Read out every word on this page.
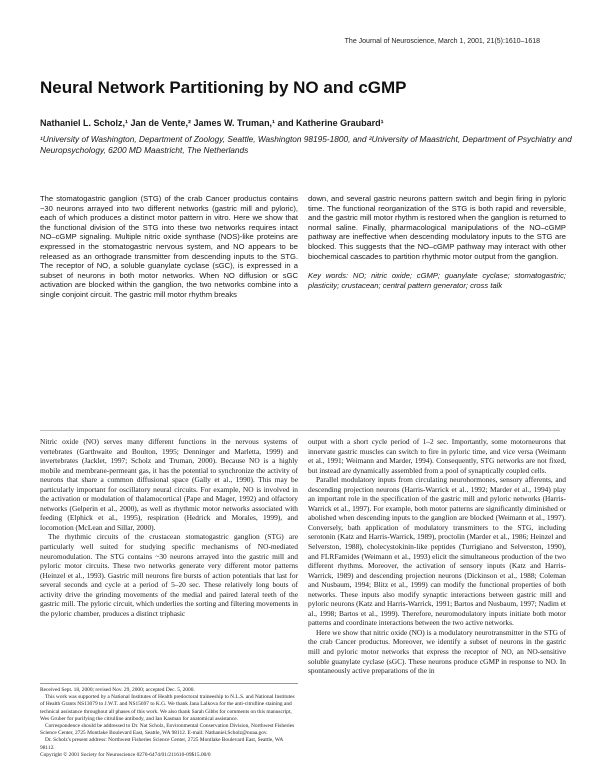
The Journal of Neuroscience, March 1, 2001, 21(5):1610–1618
Neural Network Partitioning by NO and cGMP
Nathaniel L. Scholz,¹ Jan de Vente,² James W. Truman,¹ and Katherine Graubard¹
¹University of Washington, Department of Zoology, Seattle, Washington 98195-1800, and ²University of Maastricht, Department of Psychiatry and Neuropsychology, 6200 MD Maastricht, The Netherlands
The stomatogastric ganglion (STG) of the crab Cancer productus contains ~30 neurons arrayed into two different networks (gastric mill and pyloric), each of which produces a distinct motor pattern in vitro. Here we show that the functional division of the STG into these two networks requires intact NO–cGMP signaling. Multiple nitric oxide synthase (NOS)-like proteins are expressed in the stomatogastric nervous system, and NO appears to be released as an orthograde transmitter from descending inputs to the STG. The receptor of NO, a soluble guanylate cyclase (sGC), is expressed in a subset of neurons in both motor networks. When NO diffusion or sGC activation are blocked within the ganglion, the two networks combine into a single conjoint circuit. The gastric mill motor rhythm breaks
down, and several gastric neurons pattern switch and begin firing in pyloric time. The functional reorganization of the STG is both rapid and reversible, and the gastric mill motor rhythm is restored when the ganglion is returned to normal saline. Finally, pharmacological manipulations of the NO–cGMP pathway are ineffective when descending modulatory inputs to the STG are blocked. This suggests that the NO–cGMP pathway may interact with other biochemical cascades to partition rhythmic motor output from the ganglion.
Key words: NO; nitric oxide; cGMP; guanylate cyclase; stomatogastric; plasticity; crustacean; central pattern generator; cross talk

Nitric oxide (NO) serves many different functions in the nervous systems of vertebrates (Garthwaite and Boulton, 1995; Denninger and Marletta, 1999) and invertebrates (Jacklet, 1997; Scholz and Truman, 2000). Because NO is a highly mobile and membrane-permeant gas, it has the potential to synchronize the activity of neurons that share a common diffusional space (Gally et al., 1990). This may be particularly important for oscillatory neural circuits. For example, NO is involved in the activation or modulation of thalamocortical (Pape and Mager, 1992) and olfactory networks (Gelperin et al., 2000), as well as rhythmic motor networks associated with feeding (Elphick et al., 1995), respiration (Hedrick and Morales, 1999), and locomotion (McLean and Sillar, 2000).

The rhythmic circuits of the crustacean stomatogastric ganglion (STG) are particularly well suited for studying specific mechanisms of NO-mediated neuromodulation. The STG contains ~30 neurons arrayed into the gastric mill and pyloric motor circuits. These two networks generate very different motor patterns (Heinzel et al., 1993). Gastric mill neurons fire bursts of action potentials that last for several seconds and cycle at a period of 5–20 sec. These relatively long bouts of activity drive the grinding movements of the medial and paired lateral teeth of the gastric mill. The pyloric circuit, which underlies the sorting and filtering movements in the pyloric chamber, produces a distinct triphasic

output with a short cycle period of 1–2 sec. Importantly, some motorneurons that innervate gastric muscles can switch to fire in pyloric time, and vice versa (Weimann et al., 1991; Weimann and Marder, 1994). Consequently, STG networks are not fixed, but instead are dynamically assembled from a pool of synaptically coupled cells.

Parallel modulatory inputs from circulating neurohormones, sensory afferents, and descending projection neurons (Harris-Warrick et al., 1992; Marder et al., 1994) play an important role in the specification of the gastric mill and pyloric networks (Harris-Warrick et al., 1997). For example, both motor patterns are significantly diminished or abolished when descending inputs to the ganglion are blocked (Weimann et al., 1997). Conversely, bath application of modulatory transmitters to the STG, including serotonin (Katz and Harris-Warrick, 1989), proctolin (Marder et al., 1986; Heinzel and Selverston, 1988), cholecystokinin-like peptides (Turrigiano and Selverston, 1990), and FLRFamides (Weimann et al., 1993) elicit the simultaneous production of the two different rhythms. Moreover, the activation of sensory inputs (Katz and Harris-Warrick, 1989) and descending projection neurons (Dickinson et al., 1988; Coleman and Nusbaum, 1994; Blitz et al., 1999) can modify the functional properties of both networks. These inputs also modify synaptic interactions between gastric mill and pyloric neurons (Katz and Harris-Warrick, 1991; Bartos and Nusbaum, 1997; Nadim et al., 1998; Bartos et al., 1999). Therefore, neuromodulatory inputs initiate both motor patterns and coordinate interactions between the two active networks.

Here we show that nitric oxide (NO) is a modulatory neurotransmitter in the STG of the crab Cancer productus. Moreover, we identify a subset of neurons in the gastric mill and pyloric motor networks that express the receptor of NO, an NO-sensitive soluble guanylate cyclase (sGC). These neurons produce cGMP in response to NO. In spontaneously active preparations of the in

Received Sept. 18, 2000; revised Nov. 29, 2000; accepted Dec. 5, 2000.

This work was supported by a National Institutes of Health predoctoral traineeship to N.L.S. and National Institutes of Health Grants NS13079 to J.W.T. and NS15697 to K.G. We thank Jana Lalkova for the anti-citrulline staining and technical assistance throughout all phases of this work. We also thank Sarah Gibbs for comments on this manuscript, Wes Gruber for purifying the citrulline antibody, and Ian Kasman for anatomical assistance.

Correspondence should be addressed to Dr. Nat Scholz, Environmental Conservation Division, Northwest Fisheries Science Center, 2725 Montlake Boulevard East, Seattle, WA 98112. E-mail: Nathaniel.Scholz@noaa.gov.

Dr. Scholz's present address: Northwest Fisheries Science Center, 2725 Montlake Boulevard East, Seattle, WA 98112.

Copyright © 2001 Society for Neuroscience 0270-6474/01/211610-09$15.00/0
